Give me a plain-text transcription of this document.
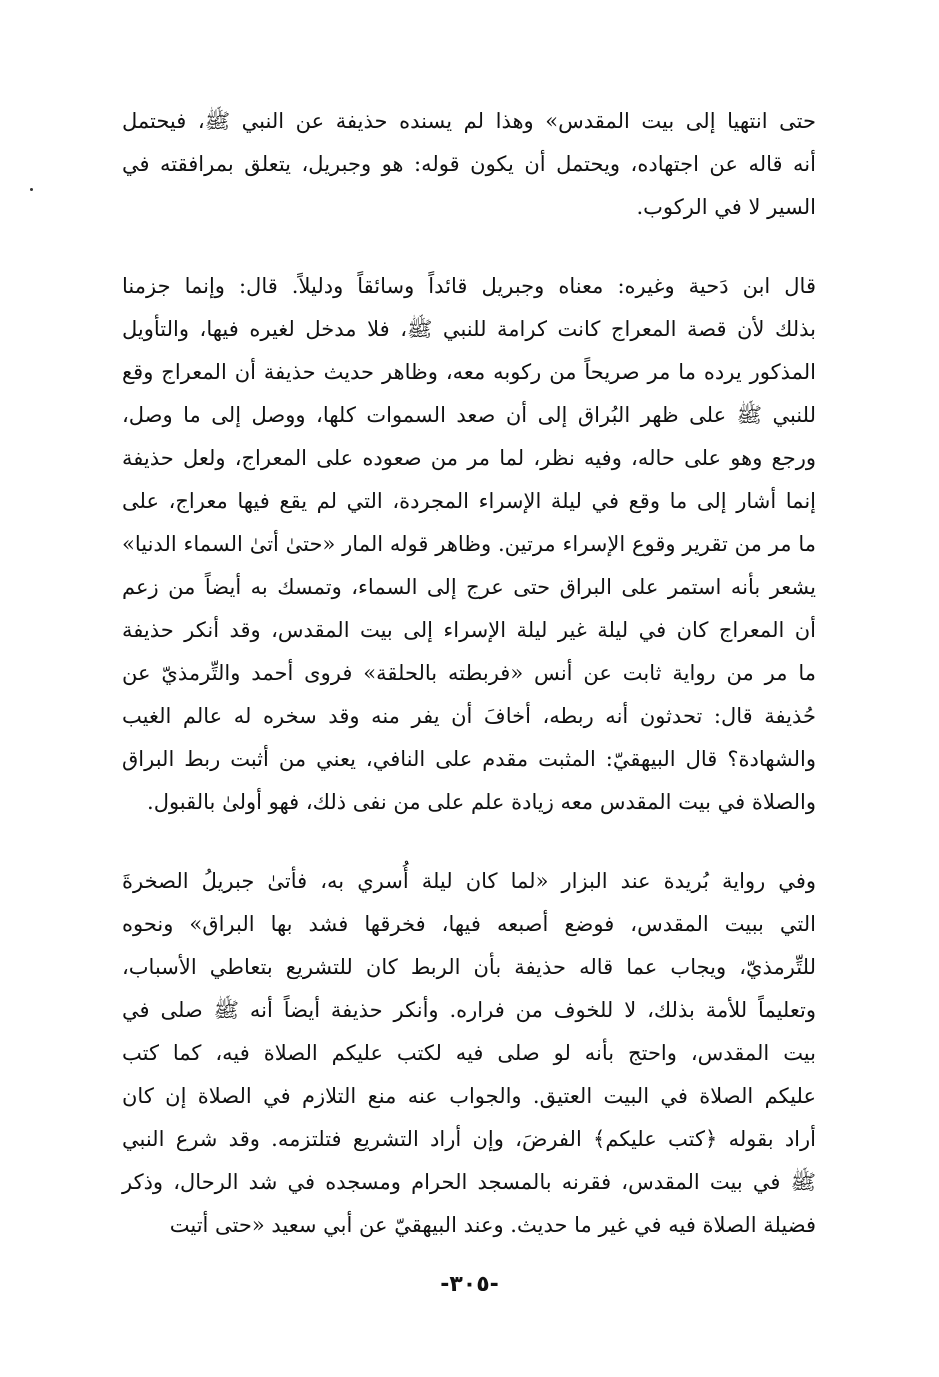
حتى انتهيا إلى بيت المقدس» وهذا لم يسنده حذيفة عن النبي ﷺ، فيحتمل
أنه قاله عن اجتهاده، ويحتمل أن يكون قوله: هو وجبريل، يتعلق بمرافقته في
السير لا في الركوب.
قال ابن دَحية وغيره: معناه وجبريل قائداً وسائقاً ودليلاً. قال: وإنما جزمنا
بذلك لأن قصة المعراج كانت كرامة للنبي ﷺ، فلا مدخل لغيره فيها، والتأويل
المذكور يرده ما مر صريحاً من ركوبه معه، وظاهر حديث حذيفة أن المعراج وقع
للنبي ﷺ على ظهر البُراق إلى أن صعد السموات كلها، ووصل إلى ما وصل،
ورجع وهو على حاله، وفيه نظر، لما مر من صعوده على المعراج، ولعل حذيفة
إنما أشار إلى ما وقع في ليلة الإسراء المجردة، التي لم يقع فيها معراج، على
ما مر من تقرير وقوع الإسراء مرتين. وظاهر قوله المار «حتىٰ أتىٰ السماء الدنيا»
يشعر بأنه استمر على البراق حتى عرج إلى السماء، وتمسك به أيضاً من زعم
أن المعراج كان في ليلة غير ليلة الإسراء إلى بيت المقدس، وقد أنكر حذيفة
ما مر من رواية ثابت عن أنس «فربطته بالحلقة» فروى أحمد والتِّرمذيّ عن
حُذيفة قال: تحدثون أنه ربطه، أخافَ أن يفر منه وقد سخره له عالم الغيب
والشهادة؟ قال البيهقيّ: المثبت مقدم على النافي، يعني من أثبت ربط البراق
والصلاة في بيت المقدس معه زيادة علم على من نفى ذلك، فهو أولىٰ بالقبول.
وفي رواية بُريدة عند البزار «لما كان ليلة أُسري به، فأتىٰ جبريلُ الصخرةَ
التي ببيت المقدس، فوضع أصبعه فيها، فخرقها فشد بها البراق» ونحوه
للتِّرمذيّ، ويجاب عما قاله حذيفة بأن الربط كان للتشريع بتعاطي الأسباب،
وتعليماً للأمة بذلك، لا للخوف من فراره. وأنكر حذيفة أيضاً أنه ﷺ صلى في
بيت المقدس، واحتج بأنه لو صلى فيه لكتب عليكم الصلاة فيه، كما كتب
عليكم الصلاة في البيت العتيق. والجواب عنه منع التلازم في الصلاة إن كان
أراد بقوله ﴿كتب عليكم﴾ الفرضَ، وإن أراد التشريع فتلتزمه. وقد شرع النبي
ﷺ في بيت المقدس، فقرنه بالمسجد الحرام ومسجده في شد الرحال، وذكر
فضيلة الصلاة فيه في غير ما حديث. وعند البيهقيّ عن أبي سعيد «حتى أتيت
-٣٠٥-
